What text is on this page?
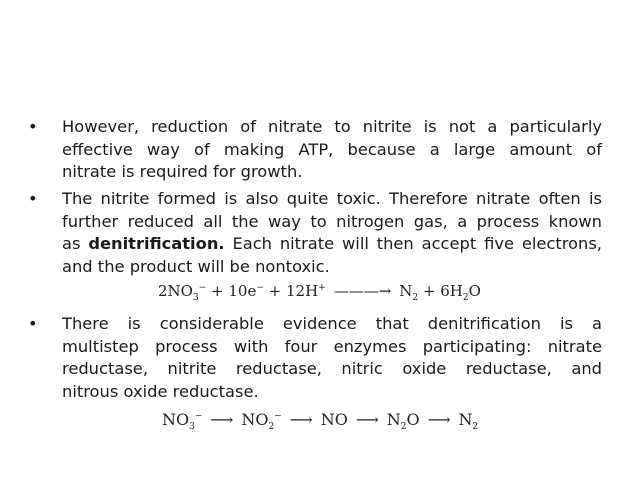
• However, reduction of nitrate to nitrite is not a particularly
effective way of making ATP, because a large amount of
nitrate is required for growth.
• The nitrite formed is also quite toxic. Therefore nitrate often is
further reduced all the way to nitrogen gas, a process known
as denitrification. Each nitrate will then accept five electrons,
and the product will be nontoxic.
$2NO_3^- + 10e^- + 12H^+$ ———→ $N_2 + 6H_2O$
• There is considerable evidence that denitrification is a
multistep process with four enzymes participating: nitrate
reductase, nitrite reductase, nitric oxide reductase, and
nitrous oxide reductase.
$NO_3^-$ ⟶ $NO_2^-$ ⟶ NO ⟶ $N_2O$ ⟶ $N_2$
